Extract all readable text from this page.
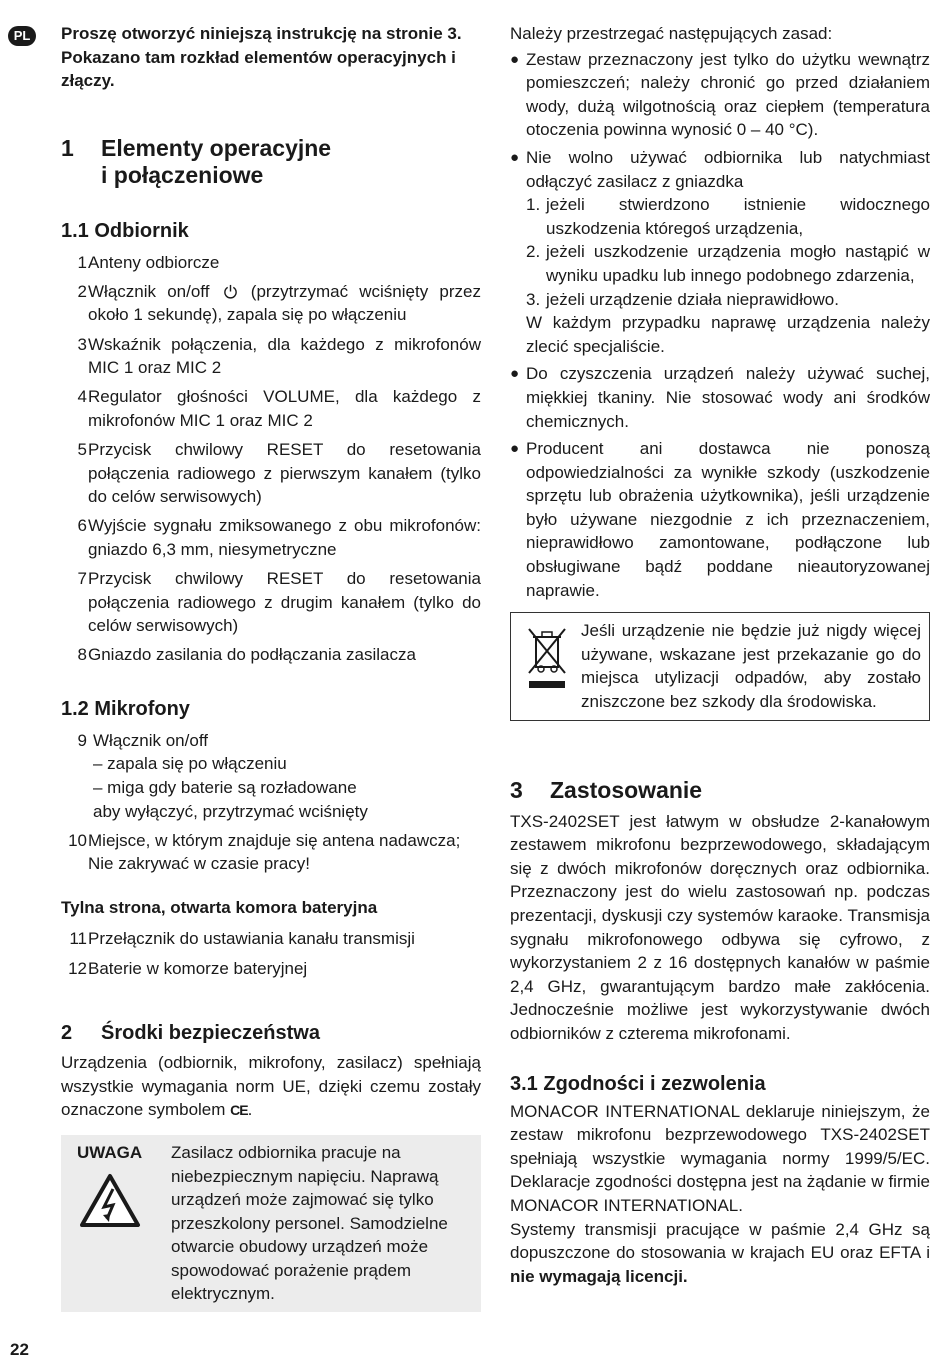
PL	Proszę otworzyć niniejszą instrukcję na stronie 3. Pokazano tam rozkład elementów operacyjnych i złączy.

1	Elementy operacyjne
i połączeniowe
1.1 Odbiornik
1 Anteny odbiorcze
2 Włącznik on/off (przytrzymać wciśnięty przez około 1 sekundę), zapala się po włączeniu
3 Wskaźnik połączenia, dla każdego z mikrofonów MIC 1 oraz MIC 2
4 Regulator głośności VOLUME, dla każdego z mikrofonów MIC 1 oraz MIC 2
5 Przycisk chwilowy RESET do resetowania połączenia radiowego z pierwszym kanałem (tylko do celów serwisowych)
6 Wyjście sygnału zmiksowanego z obu mikrofonów: gniazdo 6,3 mm, niesymetryczne
7 Przycisk chwilowy RESET do resetowania połączenia radiowego z drugim kanałem (tylko do celów serwisowych)
8 Gniazdo zasilania do podłączania zasilacza
1.2 Mikrofony
9 Włącznik on/off
– zapala się po włączeniu
– miga gdy baterie są rozładowane
aby wyłączyć, przytrzymać wciśnięty
10 Miejsce, w którym znajduje się antena nadawcza;
Nie zakrywać w czasie pracy!
Tylna strona, otwarta komora bateryjna
11 Przełącznik do ustawiania kanału transmisji
12 Baterie w komorze bateryjnej
2	Środki bezpieczeństwa

Urządzenia (odbiornik, mikrofony, zasilacz) spełniają wszystkie wymagania norm UE, dzięki czemu zostały oznaczone symbolem CE.

UWAGA	Zasilacz odbiornika pracuje na niebezpiecznym napięciu. Naprawą urządzeń może zajmować się tylko przeszkolony personel. Samodzielne otwarcie obudowy urządzeń może spowodować porażenie prądem elektrycznym.

Należy przestrzegać następujących zasad:

● Zestaw przeznaczony jest tylko do użytku wewnątrz pomieszczeń; należy chronić go przed działaniem wody, dużą wilgotnością oraz ciepłem (temperatura otoczenia powinna wynosić 0 – 40 °C).
● Nie wolno używać odbiornika lub natychmiast odłączyć zasilacz z gniazdka
1. jeżeli stwierdzono istnienie widocznego uszkodzenia któregoś urządzenia,
2. jeżeli uszkodzenie urządzenia mogło nastąpić w wyniku upadku lub innego podobnego zdarzenia,
3. jeżeli urządzenie działa nieprawidłowo.
W każdym przypadku naprawę urządzenia należy zlecić specjaliście.
● Do czyszczenia urządzeń należy używać suchej, miękkiej tkaniny. Nie stosować wody ani środków chemicznych.
● Producent ani dostawca nie ponoszą odpowiedzialności za wynikłe szkody (uszkodzenie sprzętu lub obrażenia użytkownika), jeśli urządzenie było używane niezgodnie z ich przeznaczeniem, nieprawidłowo zamontowane, podłączone lub obsługiwane bądź poddane nieautoryzowanej naprawie.
Jeśli urządzenie nie będzie już nigdy więcej używane, wskazane jest przekazanie go do miejsca utylizacji odpadów, aby zostało zniszczone bez szkody dla środowiska.
3	Zastosowanie

TXS-2402SET jest łatwym w obsłudze 2-kanałowym zestawem mikrofonu bezprzewodowego, składającym się z dwóch mikrofonów doręcznych oraz odbiornika. Przeznaczony jest do wielu zastosowań np. podczas prezentacji, dyskusji czy systemów karaoke. Transmisja sygnału mikrofonowego odbywa się cyfrowo, z wykorzystaniem 2 z 16 dostępnych kanałów w paśmie 2,4 GHz, gwarantującym bardzo małe zakłócenia. Jednocześnie możliwe jest wykorzystywanie dwóch odbiorników z czterema mikrofonami.

3.1 Zgodności i zezwolenia

MONACOR INTERNATIONAL deklaruje niniejszym, że zestaw mikrofonu bezprzewodowego TXS-2402SET spełniają wszystkie wymagania normy 1999/5/EC. Deklaracje zgodności dostępna jest na żądanie w firmie MONACOR INTERNATIONAL.

Systemy transmisji pracujące w paśmie 2,4 GHz są dopuszczone do stosowania w krajach EU oraz EFTA i nie wymagają licencji.

22
